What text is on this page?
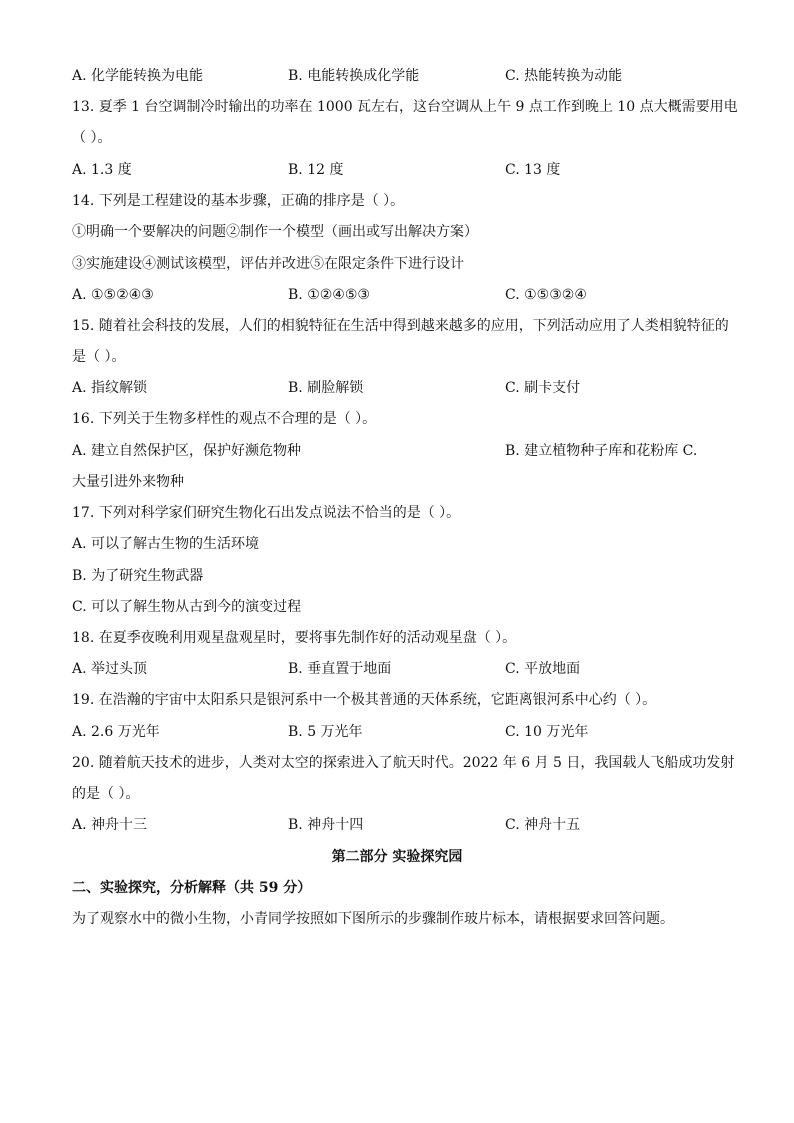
A. 化学能转换为电能	B. 电能转换成化学能	C. 热能转换为动能
13. 夏季 1 台空调制冷时输出的功率在 1000 瓦左右，这台空调从上午 9 点工作到晚上 10 点大概需要用电
（ ）。
A. 1.3 度	B. 12 度	C. 13 度
14. 下列是工程建设的基本步骤，正确的排序是（ ）。
①明确一个要解决的问题②制作一个模型（画出或写出解决方案）
③实施建设④测试该模型，评估并改进⑤在限定条件下进行设计
A. ①⑤②④③	B. ①②④⑤③	C. ①⑤③②④
15. 随着社会科技的发展，人们的相貌特征在生活中得到越来越多的应用，下列活动应用了人类相貌特征的
是（ ）。
A. 指纹解锁	B. 刷脸解锁	C. 刷卡支付
16. 下列关于生物多样性的观点不合理的是（ ）。
A. 建立自然保护区，保护好濒危物种	B. 建立植物种子库和花粉库 C.
大量引进外来物种
17. 下列对科学家们研究生物化石出发点说法不恰当的是（ ）。
A. 可以了解古生物的生活环境
B. 为了研究生物武器
C. 可以了解生物从古到今的演变过程
18. 在夏季夜晚利用观星盘观星时，要将事先制作好的活动观星盘（ ）。
A. 举过头顶	B. 垂直置于地面	C. 平放地面
19. 在浩瀚的宇宙中太阳系只是银河系中一个极其普通的天体系统，它距离银河系中心约（ ）。
A. 2.6 万光年	B. 5 万光年	C. 10 万光年
20. 随着航天技术的进步，人类对太空的探索进入了航天时代。2022 年 6 月 5 日，我国载人飞船成功发射
的是（ ）。
A. 神舟十三	B. 神舟十四	C. 神舟十五
第二部分 实验探究园
二、实验探究，分析解释（共 59 分）
为了观察水中的微小生物，小青同学按照如下图所示的步骤制作玻片标本，请根据要求回答问题。
